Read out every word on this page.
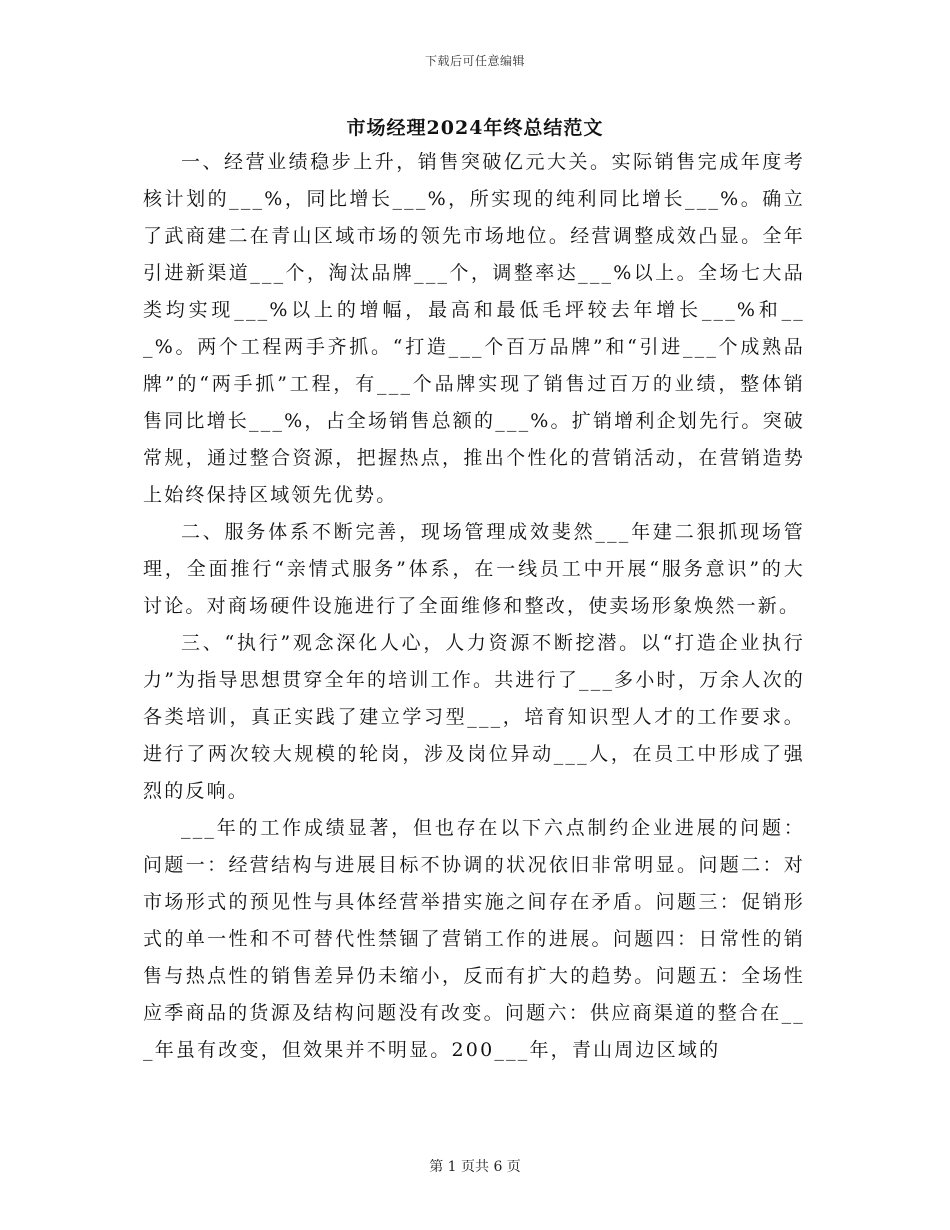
下载后可任意编辑
市场经理2024年终总结范文

一、经营业绩稳步上升，销售突破亿元大关。实际销售完成年度考核计划的___%，同比增长___%，所实现的纯利同比增长___%。确立了武商建二在青山区域市场的领先市场地位。经营调整成效凸显。全年引进新渠道___个，淘汰品牌___个，调整率达___%以上。全场七大品类均实现___%以上的增幅，最高和最低毛坪较去年增长___%和___%。两个工程两手齐抓。“打造___个百万品牌”和“引进___个成熟品牌”的“两手抓”工程，有___个品牌实现了销售过百万的业绩，整体销售同比增长___%，占全场销售总额的___%。扩销增利企划先行。突破常规，通过整合资源，把握热点，推出个性化的营销活动，在营销造势上始终保持区域领先优势。

二、服务体系不断完善，现场管理成效斐然___年建二狠抓现场管理，全面推行“亲情式服务”体系，在一线员工中开展“服务意识”的大讨论。对商场硬件设施进行了全面维修和整改，使卖场形象焕然一新。

三、“执行”观念深化人心，人力资源不断挖潜。以“打造企业执行力”为指导思想贯穿全年的培训工作。共进行了___多小时，万余人次的各类培训，真正实践了建立学习型___，培育知识型人才的工作要求。进行了两次较大规模的轮岗，涉及岗位异动___人，在员工中形成了强烈的反响。

___年的工作成绩显著，但也存在以下六点制约企业进展的问题：问题一：经营结构与进展目标不协调的状况依旧非常明显。问题二：对市场形式的预见性与具体经营举措实施之间存在矛盾。问题三：促销形式的单一性和不可替代性禁锢了营销工作的进展。问题四：日常性的销售与热点性的销售差异仍未缩小，反而有扩大的趋势。问题五：全场性应季商品的货源及结构问题没有改变。问题六：供应商渠道的整合在___年虽有改变，但效果并不明显。200___年，青山周边区域的

第 1 页共 6 页
